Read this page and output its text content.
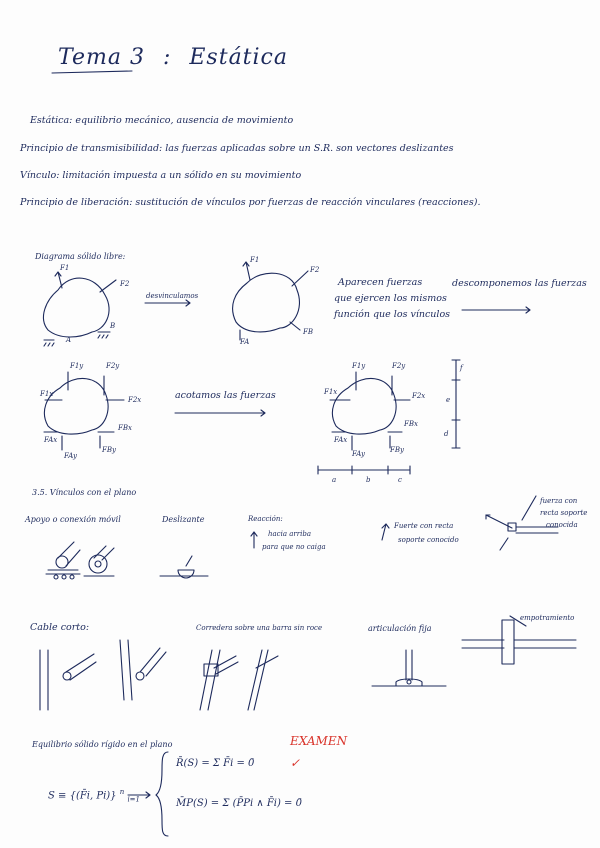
Tema 3 : Estática
Estática: equilibrio mecánico, ausencia de movimiento
Principio de transmisibilidad: las fuerzas aplicadas sobre un S.R. son vectores deslizantes
Vínculo: limitación impuesta a un sólido en su movimiento
Principio de liberación: sustitución de vínculos por fuerzas de reacción vinculares (reacciones).
Diagrama sólido libre:
desvinculamos
Aparecen fuerzas
que ejercen los mismos
función que los vínculos
descomponemos las fuerzas
acotamos las fuerzas
F1
F2
A
B
F1
F2
FA
FB
F1y	F2y
F1x
F2x
FAx
FAy
FBx
FBy
F1y	F2y
F1x	F2x
FAx
FAy
FBx
FBy
a	b	c
d
e
f
3.5. Vínculos con el plano
Apoyo o conexión móvil	Deslizante	Reacción:
hacia arriba
para que no caiga
Fuerte con recta
soporte conocido
fuerza con
recta soporte
conocida
Cable corto:	Corredera sobre una barra sin roce	articulación fija
empotramiento
Equilibrio sólido rígido en el plano	EXAMEN
✓
S ≡ {(F̄i, Pi)} $^n$ $_{i=1}$
R̄(S) = Σ F̄i = 0̄
M̄P(S) = Σ (P̄Pi ∧ F̄i) = 0̄
